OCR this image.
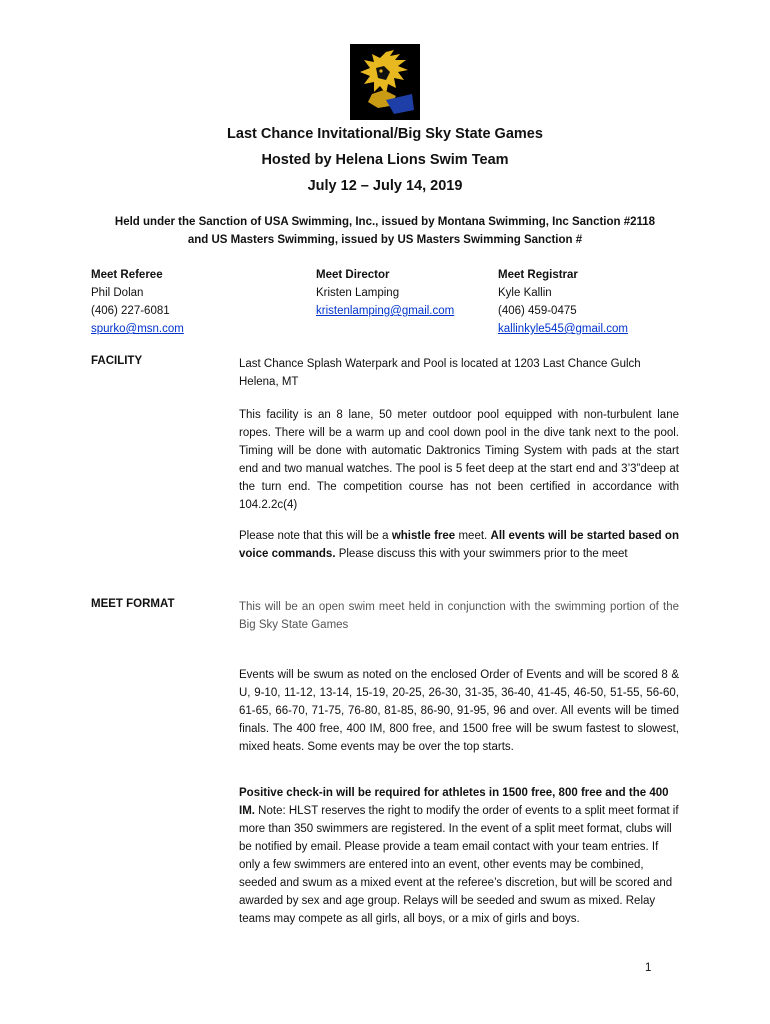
Last Chance Invitational/Big Sky State Games
Hosted by Helena Lions Swim Team
July 12 – July 14, 2019
Held under the Sanction of USA Swimming, Inc., issued by Montana Swimming, Inc Sanction #2118
and US Masters Swimming, issued by US Masters Swimming Sanction #
Meet Referee
Phil Dolan
(406) 227-6081
spurko@msn.com
Meet Director
Kristen Lamping
kristenlamping@gmail.com
Meet Registrar
Kyle Kallin
(406) 459-0475
kallinkyle545@gmail.com
FACILITY	Last Chance Splash Waterpark and Pool is located at 1203 Last Chance Gulch Helena, MT
This facility is an 8 lane, 50 meter outdoor pool equipped with non-turbulent lane ropes. There will be a warm up and cool down pool in the dive tank next to the pool. Timing will be done with automatic Daktronics Timing System with pads at the start end and two manual watches. The pool is 5 feet deep at the start end and 3’3”deep at the turn end. The competition course has not been certified in accordance with 104.2.2c(4)
Please note that this will be a whistle free meet. All events will be started based on voice commands. Please discuss this with your swimmers prior to the meet
MEET FORMAT	This will be an open swim meet held in conjunction with the swimming portion of the Big Sky State Games
Events will be swum as noted on the enclosed Order of Events and will be scored 8 & U, 9-10, 11-12, 13-14, 15-19, 20-25, 26-30, 31-35, 36-40, 41-45, 46-50, 51-55, 56-60, 61-65, 66-70, 71-75, 76-80, 81-85, 86-90, 91-95, 96 and over. All events will be timed finals. The 400 free, 400 IM, 800 free, and 1500 free will be swum fastest to slowest, mixed heats. Some events may be over the top starts.
Positive check-in will be required for athletes in 1500 free, 800 free and the 400 IM. Note: HLST reserves the right to modify the order of events to a split meet format if more than 350 swimmers are registered. In the event of a split meet format, clubs will be notified by email. Please provide a team email contact with your team entries. If only a few swimmers are entered into an event, other events may be combined, seeded and swum as a mixed event at the referee’s discretion, but will be scored and awarded by sex and age group. Relays will be seeded and swum as mixed. Relay teams may compete as all girls, all boys, or a mix of girls and boys.
1
